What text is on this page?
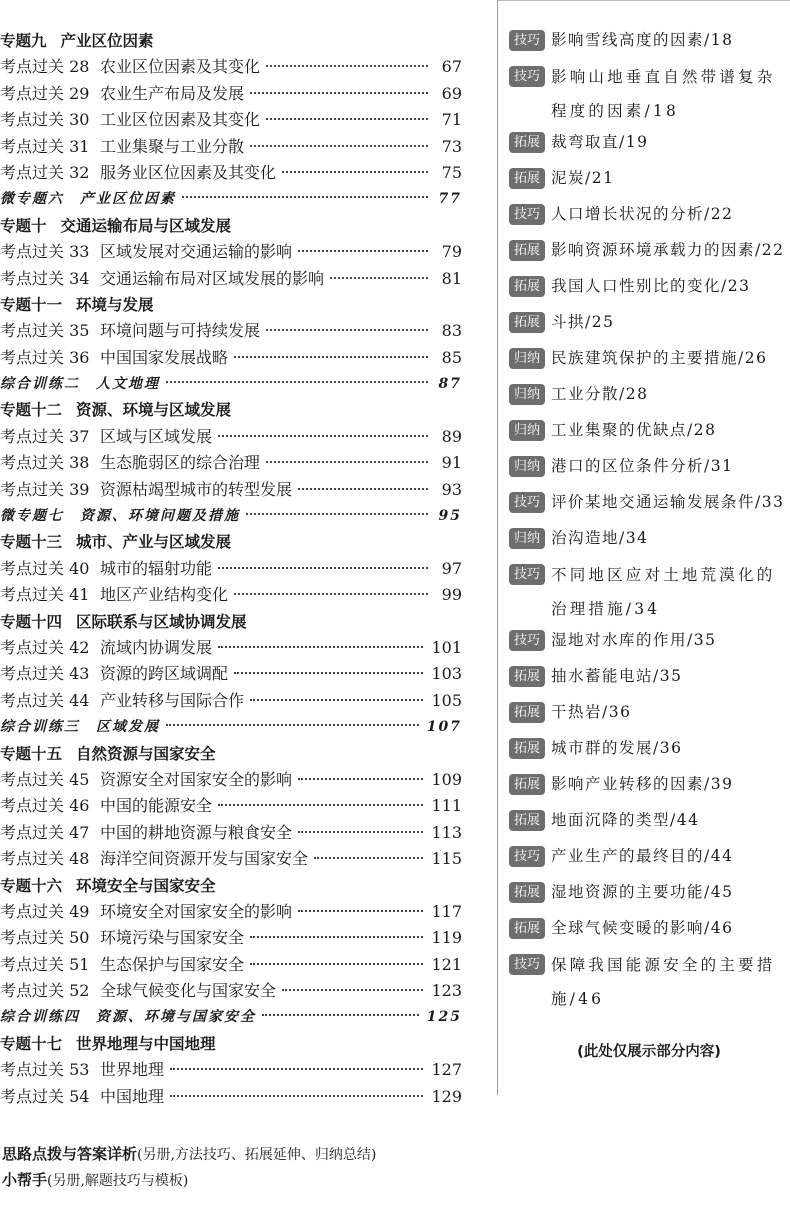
专题九 产业区位因素
考点过关 28 农业区位因素及其变化	67
考点过关 29 农业生产布局及发展	69
考点过关 30 工业区位因素及其变化	71
考点过关 31 工业集聚与工业分散	73
考点过关 32 服务业区位因素及其变化	75
微专题六	产业区位因素	77
专题十 交通运输布局与区域发展
考点过关 33 区域发展对交通运输的影响	79
考点过关 34 交通运输布局对区域发展的影响	81
专题十一 环境与发展
考点过关 35 环境问题与可持续发展	83
考点过关 36 中国国家发展战略	85
综合训练二	人文地理	87
专题十二 资源、环境与区域发展
考点过关 37 区域与区域发展	89
考点过关 38 生态脆弱区的综合治理	91
考点过关 39 资源枯竭型城市的转型发展	93
微专题七	资源、环境问题及措施	95
专题十三 城市、产业与区域发展
考点过关 40 城市的辐射功能	97
考点过关 41 地区产业结构变化	99
专题十四 区际联系与区域协调发展
考点过关 42 流域内协调发展	101
考点过关 43 资源的跨区域调配	103
考点过关 44 产业转移与国际合作	105
综合训练三	区域发展	107
专题十五 自然资源与国家安全
考点过关 45 资源安全对国家安全的影响	109
考点过关 46 中国的能源安全	111
考点过关 47 中国的耕地资源与粮食安全	113
考点过关 48 海洋空间资源开发与国家安全	115
专题十六 环境安全与国家安全
考点过关 49 环境安全对国家安全的影响	117
考点过关 50 环境污染与国家安全	119
考点过关 51 生态保护与国家安全	121
考点过关 52 全球气候变化与国家安全	123
综合训练四	资源、环境与国家安全	125
专题十七 世界地理与中国地理
考点过关 53 世界地理	127
考点过关 54 中国地理	129
技巧 影响雪线高度的因素/18
技巧 影响山地垂直自然带谱复杂程度的因素/18
拓展 裁弯取直/19
拓展 泥炭/21
技巧 人口增长状况的分析/22
拓展 影响资源环境承载力的因素/22
拓展 我国人口性别比的变化/23
拓展 斗拱/25
归纳 民族建筑保护的主要措施/26
归纳 工业分散/28
归纳 工业集聚的优缺点/28
归纳 港口的区位条件分析/31
技巧 评价某地交通运输发展条件/33
归纳 治沟造地/34
技巧 不同地区应对土地荒漠化的治理措施/34
技巧 湿地对水库的作用/35
拓展 抽水蓄能电站/35
拓展 干热岩/36
拓展 城市群的发展/36
拓展 影响产业转移的因素/39
拓展 地面沉降的类型/44
技巧 产业生产的最终目的/44
拓展 湿地资源的主要功能/45
拓展 全球气候变暖的影响/46
技巧 保障我国能源安全的主要措施/46
(此处仅展示部分内容)
思路点拨与答案详析(另册,方法技巧、拓展延伸、归纳总结)
小帮手(另册,解题技巧与模板)
